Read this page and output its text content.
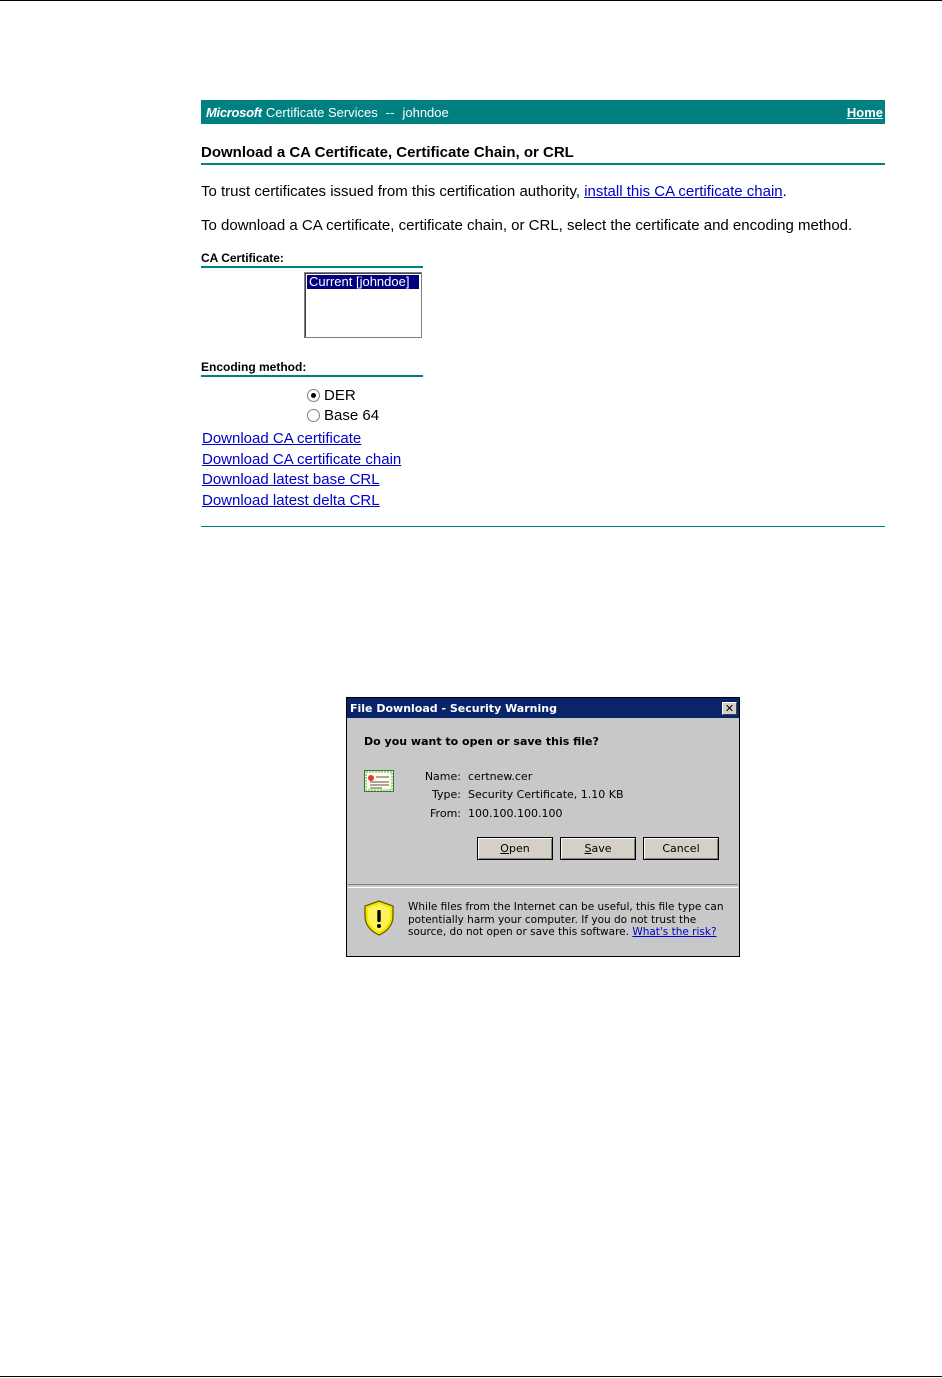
Microsoft Certificate Services -- johndoe	Home
Download a CA Certificate, Certificate Chain, or CRL
To trust certificates issued from this certification authority, install this CA certificate chain.
To download a CA certificate, certificate chain, or CRL, select the certificate and encoding method.
CA Certificate:
Current [johndoe]
Encoding method:
DER
Base 64
Download CA certificate
Download CA certificate chain
Download latest base CRL
Download latest delta CRL
File Download - Security Warning	✕
Do you want to open or save this file?
Name: certnew.cer
Type: Security Certificate, 1.10 KB
From: 100.100.100.100
O pen	S ave	Cancel
While files from the Internet can be useful, this file type can potentially harm your computer. If you do not trust the source, do not open or save this software. What's the risk?
